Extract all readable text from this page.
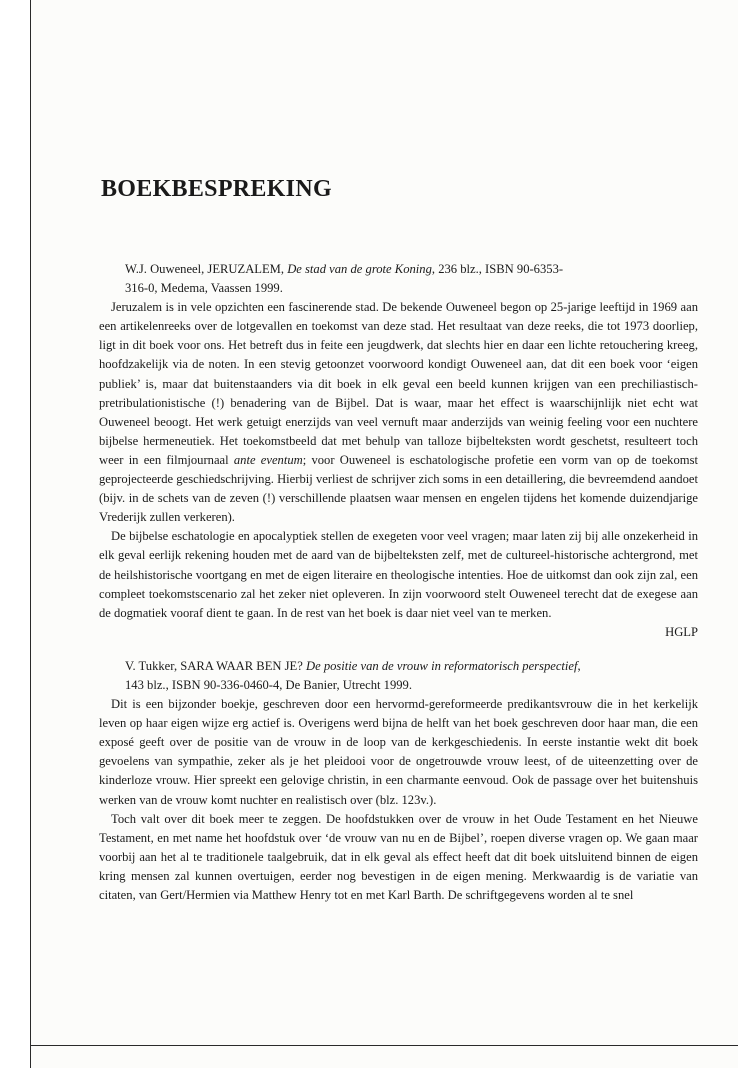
BOEKBESPREKING

W.J. Ouweneel, JERUZALEM, De stad van de grote Koning, 236 blz., ISBN 90-6353-

316-0, Medema, Vaassen 1999.

Jeruzalem is in vele opzichten een fascinerende stad. De bekende Ouweneel begon op 25-jarige leeftijd in 1969 aan een artikelenreeks over de lotgevallen en toekomst van deze stad. Het resultaat van deze reeks, die tot 1973 doorliep, ligt in dit boek voor ons. Het betreft dus in feite een jeugdwerk, dat slechts hier en daar een lichte retouchering kreeg, hoofdzakelijk via de noten. In een stevig getoonzet voorwoord kondigt Ouweneel aan, dat dit een boek voor ‘eigen publiek’ is, maar dat buitenstaanders via dit boek in elk geval een beeld kunnen krijgen van een prechiliastisch-pretribulationistische (!) benadering van de Bijbel. Dat is waar, maar het effect is waarschijnlijk niet echt wat Ouweneel beoogt. Het werk getuigt enerzijds van veel vernuft maar anderzijds van weinig feeling voor een nuchtere bijbelse hermeneutiek. Het toekomstbeeld dat met behulp van talloze bijbelteksten wordt geschetst, resulteert toch weer in een filmjournaal ante eventum; voor Ouweneel is eschatologische profetie een vorm van op de toekomst geprojecteerde geschiedschrijving. Hierbij verliest de schrijver zich soms in een detaillering, die bevreemdend aandoet (bijv. in de schets van de zeven (!) verschillende plaatsen waar mensen en engelen tijdens het komende duizendjarige Vrederijk zullen verkeren).

De bijbelse eschatologie en apocalyptiek stellen de exegeten voor veel vragen; maar laten zij bij alle onzekerheid in elk geval eerlijk rekening houden met de aard van de bijbelteksten zelf, met de cultureel-historische achtergrond, met de heilshistorische voortgang en met de eigen literaire en theologische intenties. Hoe de uitkomst dan ook zijn zal, een compleet toekomstscenario zal het zeker niet opleveren. In zijn voorwoord stelt Ouweneel terecht dat de exegese aan de dogmatiek vooraf dient te gaan. In de rest van het boek is daar niet veel van te merken.

HGLP

V. Tukker, SARA WAAR BEN JE? De positie van de vrouw in reformatorisch perspectief,

143 blz., ISBN 90-336-0460-4, De Banier, Utrecht 1999.

Dit is een bijzonder boekje, geschreven door een hervormd-gereformeerde predikantsvrouw die in het kerkelijk leven op haar eigen wijze erg actief is. Overigens werd bijna de helft van het boek geschreven door haar man, die een exposé geeft over de positie van de vrouw in de loop van de kerkgeschiedenis. In eerste instantie wekt dit boek gevoelens van sympathie, zeker als je het pleidooi voor de ongetrouwde vrouw leest, of de uiteenzetting over de kinderloze vrouw. Hier spreekt een gelovige christin, in een charmante eenvoud. Ook de passage over het buitenshuis werken van de vrouw komt nuchter en realistisch over (blz. 123v.).

Toch valt over dit boek meer te zeggen. De hoofdstukken over de vrouw in het Oude Testament en het Nieuwe Testament, en met name het hoofdstuk over ‘de vrouw van nu en de Bijbel’, roepen diverse vragen op. We gaan maar voorbij aan het al te traditionele taalgebruik, dat in elk geval als effect heeft dat dit boek uitsluitend binnen de eigen kring mensen zal kunnen overtuigen, eerder nog bevestigen in de eigen mening. Merkwaardig is de variatie van citaten, van Gert/Hermien via Matthew Henry tot en met Karl Barth. De schriftgegevens worden al te snel
